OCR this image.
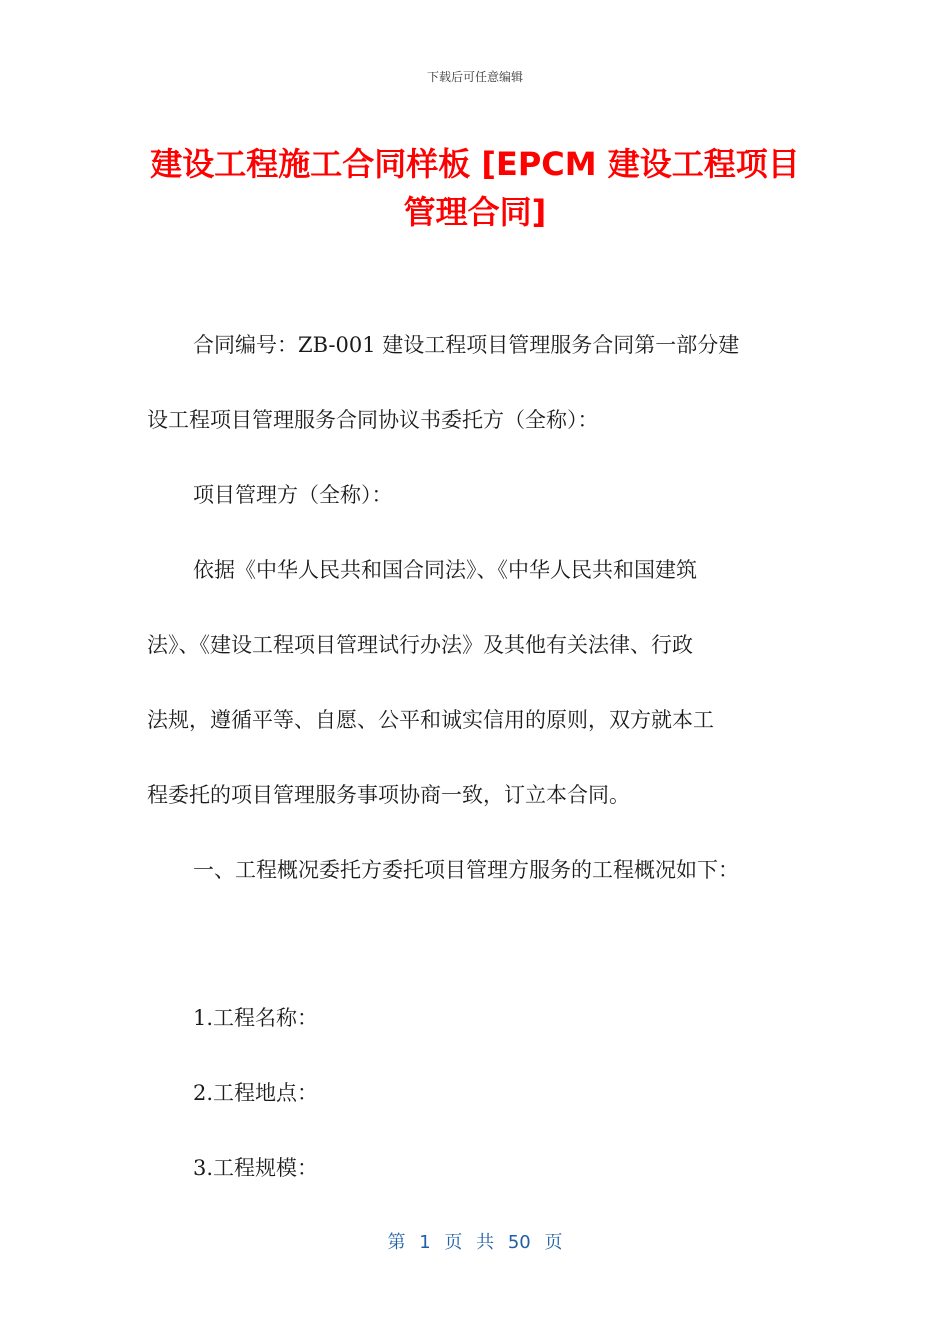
下载后可任意编辑
建设工程施工合同样板 [EPCM 建设工程项目管理合同]
合同编号：ZB-001 建设工程项目管理服务合同第一部分建
设工程项目管理服务合同协议书委托方（全称）：
项目管理方（全称）：
依据《中华人民共和国合同法》、《中华人民共和国建筑
法》、《建设工程项目管理试行办法》及其他有关法律、行政
法规，遵循平等、自愿、公平和诚实信用的原则，双方就本工
程委托的项目管理服务事项协商一致，订立本合同。
一、工程概况委托方委托项目管理方服务的工程概况如下：
1.工程名称：
2.工程地点：
3.工程规模：
第 1 页 共 50 页
